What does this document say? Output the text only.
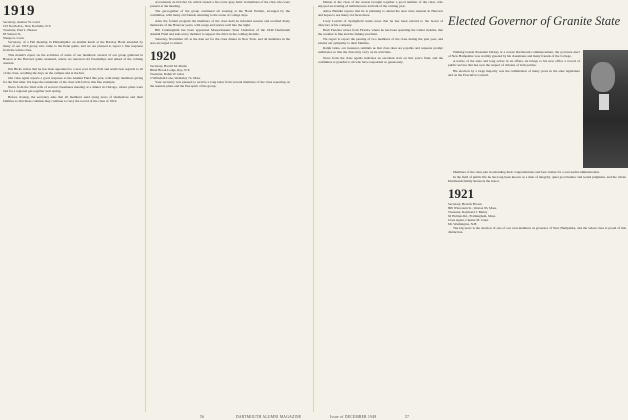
1919
Secretary, Andrew W. Laird
103 North Ave., New Rochelle, N.Y.
Treasurer, Paul L. Heaton
83 Stetson St.
Westport, Conn.

Secretary, of a Fall meeting in Philadelphia: an alumni lunch at the Barclay Hotel attended by many of our 1919 group who came to the Penn game, and we are pleased to report a fine response from the whole class.

This month's report on the activities of some of our members: several of our group gathered in Boston at the Harvard game weekend, where we renewed old friendships and talked of the coming reunion.

Jim Hicks writes that he has been appointed to a new post in his firm and sends best regards to all of the class, recalling the days on the campus and at the Inn.

Our class agent reports a good response to the Alumni Fund this year, with many members giving for the first time. We hope the remainder of the class will follow this fine example.

News from the West tells of several classmates meeting at a dinner in Chicago, where plans were laid for a regional get-together next spring.

Before closing, the secretary asks that all members send along news of themselves and their families so that these columns may continue to carry the record of the class of 1919.

accountants on October 16, which caused a few extra 'grey hairs' in members of the class who were present at the meeting.

The get-together of the group continued all evening at the Hotel Puritan, arranged by the committee, with many old friends returning to the scene of college days.

After the formal program the members of the class held an informal session and recalled many memories of the Hanover years, with songs and stories well into the night.

Bill Cunningham has been appointed Massachusetts State Chairman of the 1949 Dartmouth Alumni Fund and asks every member to support the drive in the coming months.

Saturday, November 20, is the date set for the class dinner in New York, and all members in the area are urged to attend.

1920
Secretary, Harold M. Marsh
Blind Brook Lodge, Rye, N.Y.
Treasurer, Ralph W. Giles
2 Whitehall Lane, Wellesley 72, Mass.

Your secretary was pleased to receive a long letter from several members of the class reporting on the reunion plans and the fine spirit of the group.

Dinner at the close of the season brought together a good number of the class, who enjoyed an evening of reminiscence and talk of the coming year.

Amos Blandin reports that he is planning to attend the next class reunion in Hanover and hopes to see many old faces there.

Larry Leavitt of Springfield sends news that he has been elected to the board of directors of his company.

Herb Fletcher writes from Florida, where he has been spending the winter months, that the weather is fine and the fishing excellent.

We regret to report the passing of two members of the class during the past year, and extend our sympathy to their families.

Ralph Giles, our treasurer, reminds us that class dues are payable and requests prompt remittance so that the class may carry on its activities.

News from the class agents indicates an excellent start on this year's fund, and the committee is grateful to all who have responded so generously.

Elected Governor of Granite State

Walking beside President Dickey at a recent Dartmouth commencement, the governor-elect of New Hampshire was warmly greeted by his classmates and many friends of the College.

A native of the state and long active in its affairs, he brings to his new office a record of public service that has won the respect of citizens of both parties.

His election by a large majority was the culmination of many years in the state legislature and on the Executive Council.

Members of the class join in extending their congratulations and best wishes for a successful administration.

In the field of public life he has long been known as a man of integrity, quiet good humor and sound judgment, and the whole Dartmouth family shares in the honor.

1921
Secretary, Herrick Brown
800 Wisconsin St., Weston 93, Mass.
Treasurer, Raymond J. Bailey
62 Holmes Rd., Framingham, Mass.
Class Agent, Chester M. Jones
Mt. Washington, N.H.

The big news is the election of one of our own members as governor of New Hampshire, and the whole class is proud of this distinction.

56	DARTMOUTH ALUMNI MAGAZINE	Issue of DECEMBER 1948	57
